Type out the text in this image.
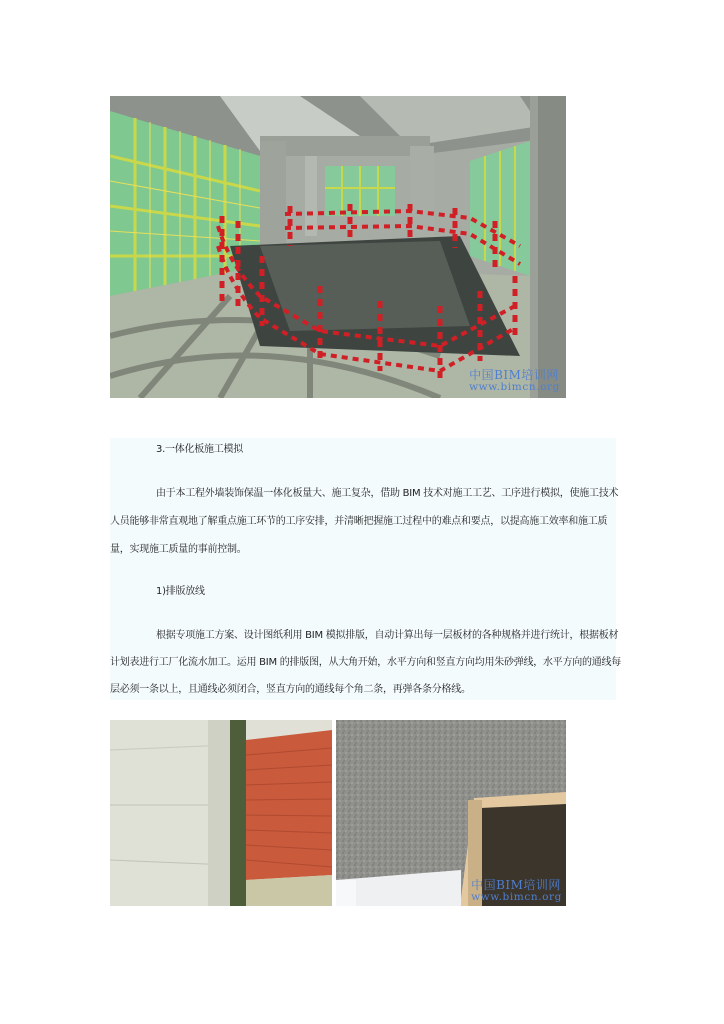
中国BIM培训网
www.bimcn.org
3.一体化板施工模拟
由于本工程外墙装饰保温一体化板量大、施工复杂，借助 BIM 技术对施工工艺、工序进行模拟，使施工技术
人员能够非常直观地了解重点施工环节的工序安排，并清晰把握施工过程中的难点和要点，以提高施工效率和施工质
量，实现施工质量的事前控制。
1)排版放线
根据专项施工方案、设计图纸利用 BIM 模拟排版，自动计算出每一层板材的各种规格并进行统计，根据板材
计划表进行工厂化流水加工。运用 BIM 的排版图，从大角开始，水平方向和竖直方向均用朱砂弹线，水平方向的通线每
层必须一条以上，且通线必须闭合，竖直方向的通线每个角二条，再弹各条分格线。
中国BIM培训网
www.bimcn.org
